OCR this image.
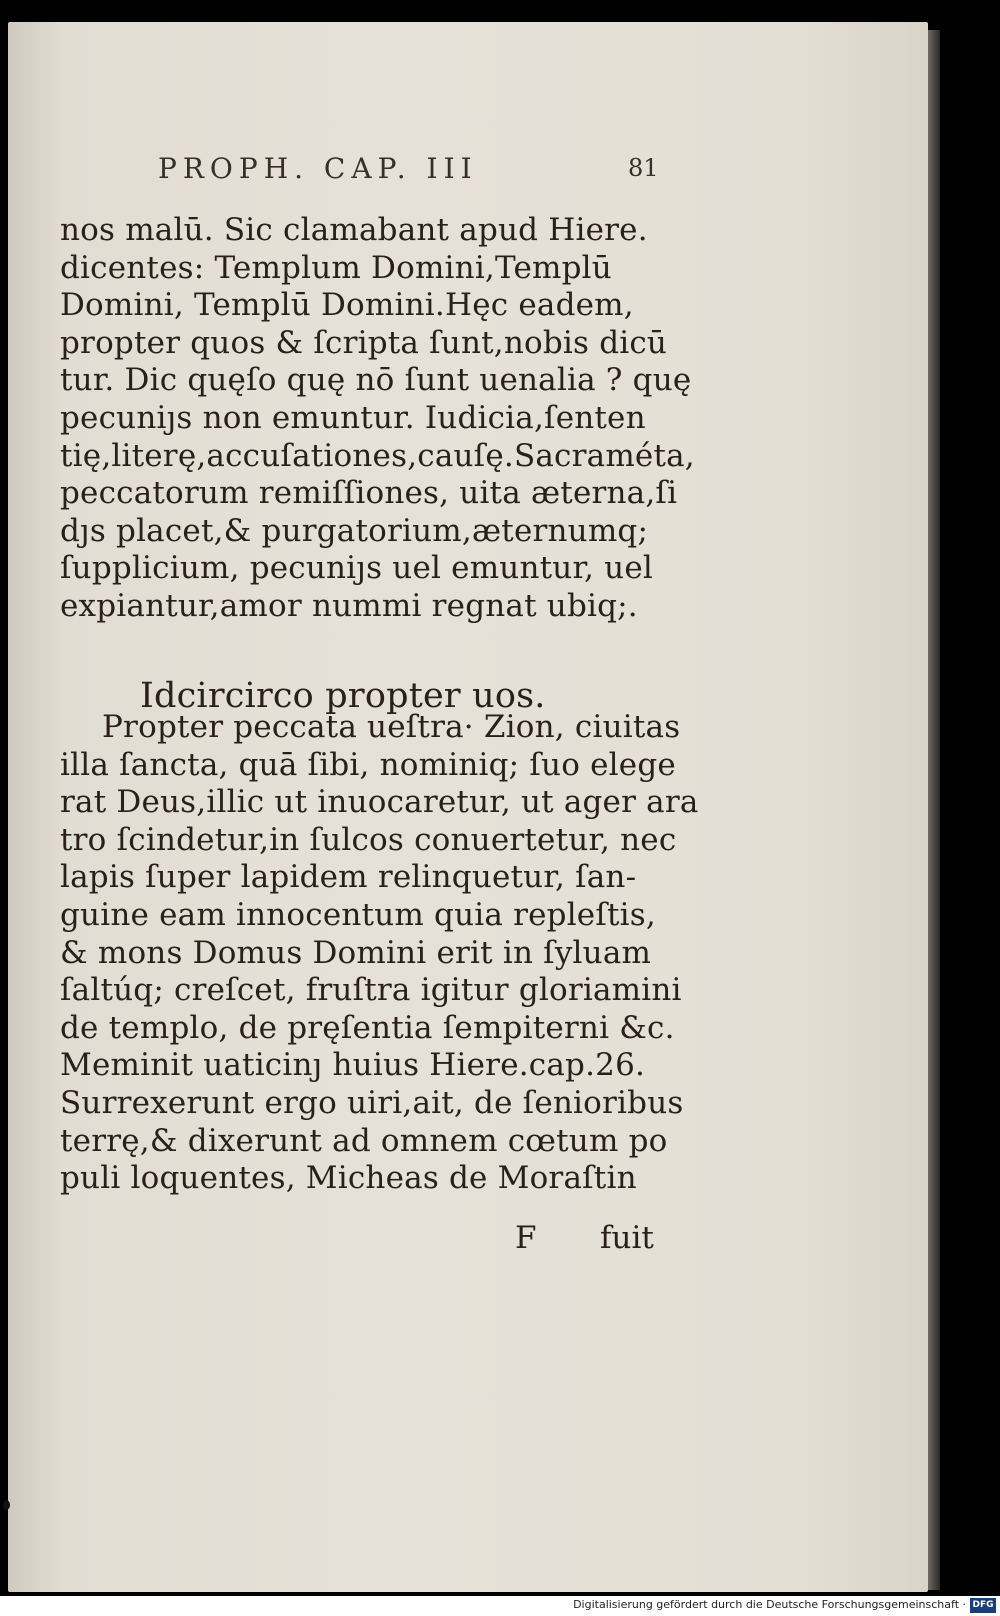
PROPH. CAP. III	81
nos malū. Sic clamabant apud Hiere.
dicentes: Templum Domini,Templū
Domini, Templū Domini.Hęc eadem,
propter quos & ſcripta ſunt,nobis dicū
tur. Dic quęſo quę nō ſunt uenalia ? quę
pecuniȷs non emuntur. Iudicia,ſenten
tię,literę,accuſationes,cauſę.Sacraméta,
peccatorum remiſſiones, uita æterna,ſi
dȷs placet,& purgatorium,æternumq;
ſupplicium, pecuniȷs uel emuntur, uel
expiantur,amor nummi regnat ubiq;.
Idcircirco propter uos.
Propter peccata ueſtra· Zion, ciuitas
illa ſancta, quā ſibi, nominiq; ſuo elege
rat Deus,illic ut inuocaretur, ut ager ara
tro ſcindetur,in ſulcos conuertetur, nec
lapis ſuper lapidem relinquetur, ſan-
guine eam innocentum quia repleſtis,
& mons Domus Domini erit in ſyluam
ſaltúq; creſcet, fruſtra igitur gloriamini
de templo, de pręſentia ſempiterni &c.
Meminit uaticinȷ huius Hiere.cap.26.
Surrexerunt ergo uiri,ait, de ſenioribus
terrę,& dixerunt ad omnem cœtum po
puli loquentes, Micheas de Moraſtin
F fuit
Digitalisierung gefördert durch die Deutsche Forschungsgemeinschaft · DFG
